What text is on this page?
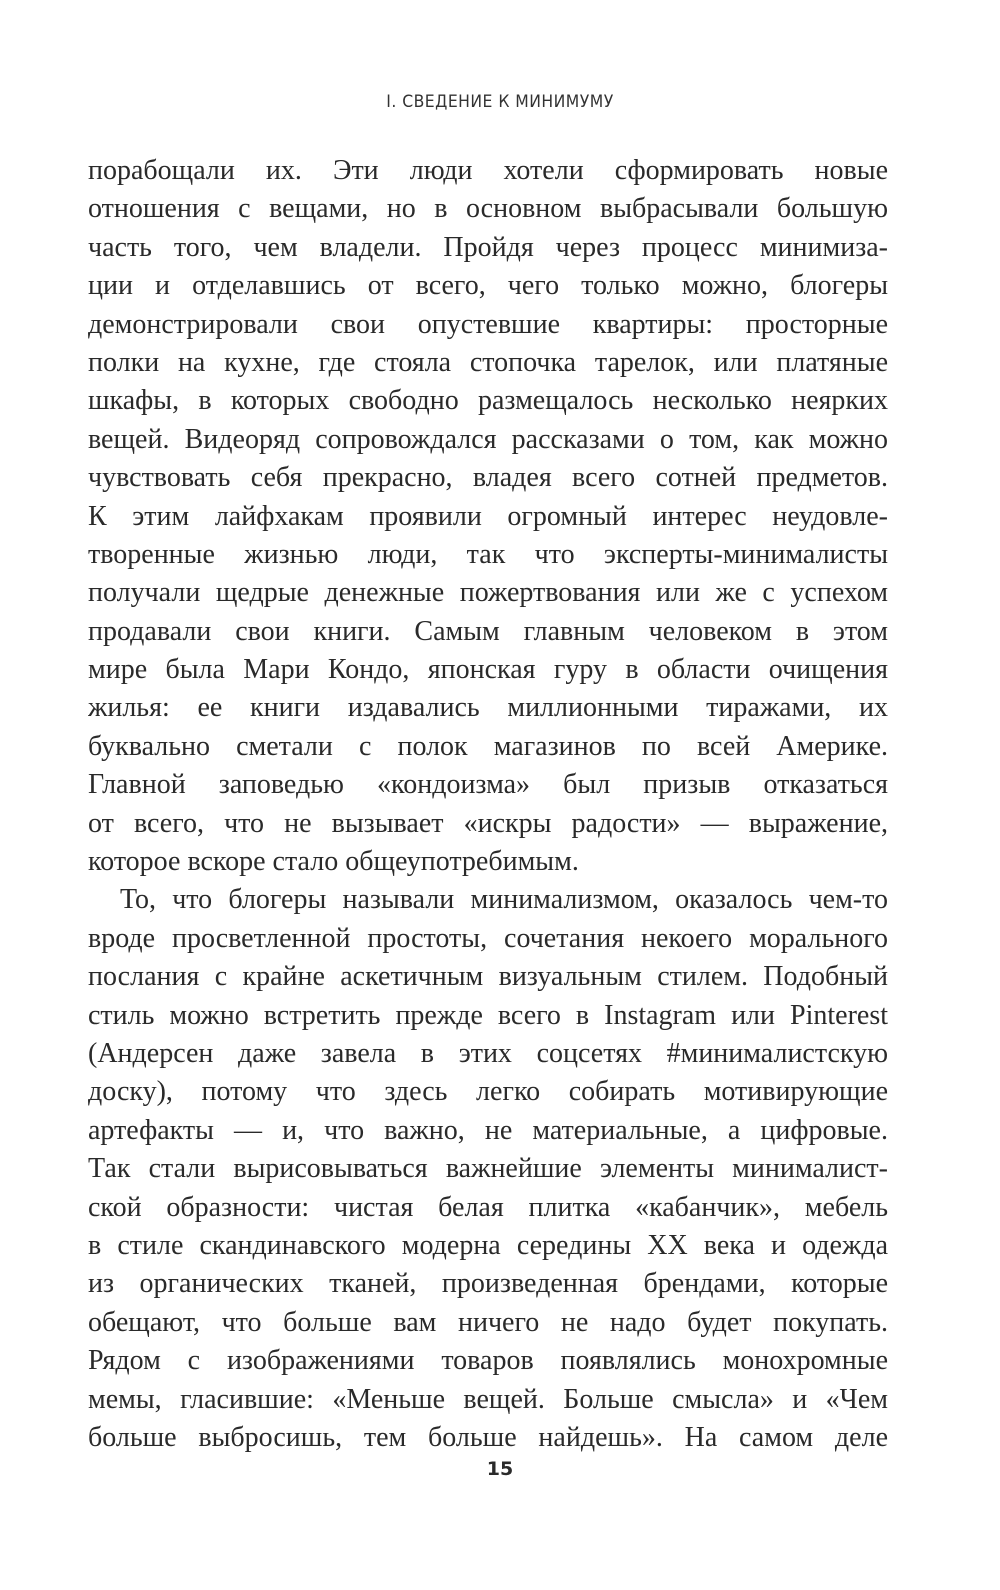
I. СВЕДЕНИЕ К МИНИМУМУ
порабощали их. Эти люди хотели сформировать новые
отношения с вещами, но в основном выбрасывали большую
часть того, чем владели. Пройдя через процесс минимиза-
ции и отделавшись от всего, чего только можно, блогеры
демонстрировали свои опустевшие квартиры: просторные
полки на кухне, где стояла стопочка тарелок, или платяные
шкафы, в которых свободно размещалось несколько неярких
вещей. Видеоряд сопровождался рассказами о том, как можно
чувствовать себя прекрасно, владея всего сотней предметов.
К этим лайфхакам проявили огромный интерес неудовле-
творенные жизнью люди, так что эксперты-минималисты
получали щедрые денежные пожертвования или же с успехом
продавали свои книги. Самым главным человеком в этом
мире была Мари Кондо, японская гуру в области очищения
жилья: ее книги издавались миллионными тиражами, их
буквально сметали с полок магазинов по всей Америке.
Главной заповедью «кондоизма» был призыв отказаться
от всего, что не вызывает «искры радости» — выражение,
которое вскоре стало общеупотребимым.
То, что блогеры называли минимализмом, оказалось чем-то
вроде просветленной простоты, сочетания некоего морального
послания с крайне аскетичным визуальным стилем. Подобный
стиль можно встретить прежде всего в Instagram или Pinterest
(Андерсен даже завела в этих соцсетях #минималистскую
доску), потому что здесь легко собирать мотивирующие
артефакты — и, что важно, не материальные, а цифровые.
Так стали вырисовываться важнейшие элементы минималист-
ской образности: чистая белая плитка «кабанчик», мебель
в стиле скандинавского модерна середины XX века и одежда
из органических тканей, произведенная брендами, которые
обещают, что больше вам ничего не надо будет покупать.
Рядом с изображениями товаров появлялись монохромные
мемы, гласившие: «Меньше вещей. Больше смысла» и «Чем
больше выбросишь, тем больше найдешь». На самом деле
15
